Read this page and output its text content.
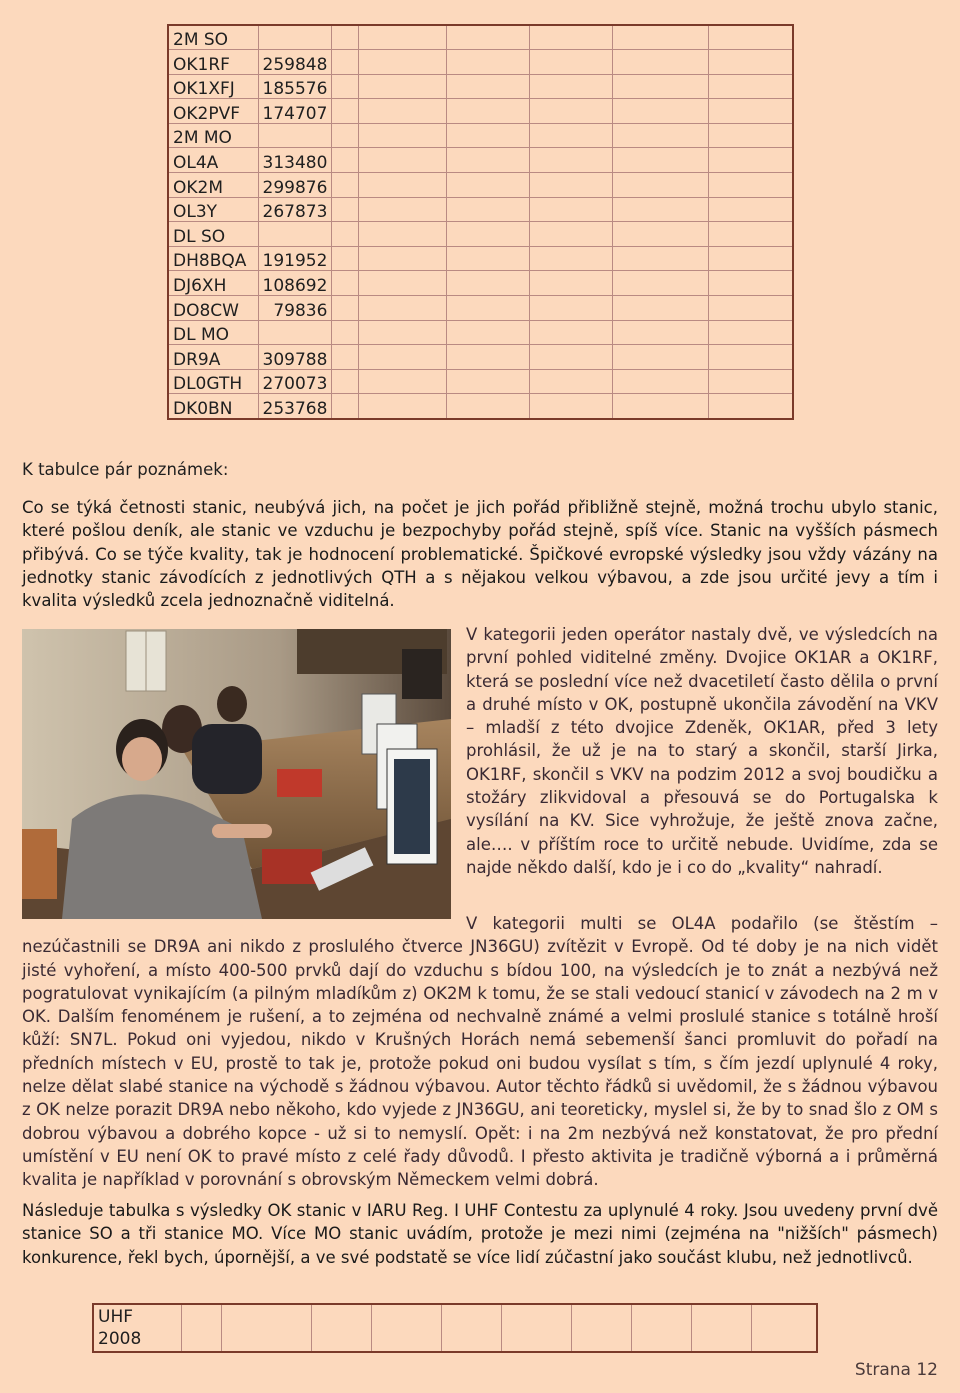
2M SO							
OK1RF	259848						
OK1XFJ	185576						
OK2PVF	174707						
2M MO							
OL4A	313480						
OK2M	299876						
OL3Y	267873						
DL SO							
DH8BQA	191952						
DJ6XH	108692						
DO8CW	79836						
DL MO							
DR9A	309788						
DL0GTH	270073						
DK0BN	253768						
K tabulce pár poznámek:

Co se týká četnosti stanic, neubývá jich, na počet je jich pořád přibližně stejně, možná trochu ubylo stanic, které pošlou deník, ale stanic ve vzduchu je bezpochyby pořád stejně, spíš více. Stanic na vyšších pásmech přibývá. Co se týče kvality, tak je hodnocení problematické. Špičkové evropské výsledky jsou vždy vázány na jednotky stanic závodících z jednotlivých QTH a s nějakou velkou výbavou, a zde jsou určité jevy a tím i kvalita výsledků zcela jednoznačně viditelná.

V kategorii jeden operátor nastaly dvě, ve výsledcích na první pohled viditelné změny. Dvojice OK1AR a OK1RF, která se poslední více než dvacetiletí často dělila o první a druhé místo v OK, postupně ukončila závodění na VKV – mladší z této dvojice Zdeněk, OK1AR, před 3 lety prohlásil, že už je na to starý a skončil, starší Jirka, OK1RF, skončil s VKV na podzim 2012 a svoj boudičku a stožáry zlikvidoval a přesouvá se do Portugalska k vysílání na KV. Sice vyhrožuje, že ještě znova začne, ale…. v příštím roce to určitě nebude. Uvidíme, zda se najde někdo další, kdo je i co do „kvality“ nahradí.

V kategorii multi se OL4A podařilo (se štěstím – nezúčastnili se DR9A ani nikdo z proslulého čtverce JN36GU) zvítězit v Evropě. Od té doby je na nich vidět jisté vyhoření, a místo 400-500 prvků dají do vzduchu s bídou 100, na výsledcích je to znát a nezbývá než pogratulovat vynikajícím (a pilným mladíkům z) OK2M k tomu, že se stali vedoucí stanicí v závodech na 2 m v OK. Dalším fenoménem je rušení, a to zejména od nechvalně známé a velmi proslulé stanice s totálně hroší kůží: SN7L. Pokud oni vyjedou, nikdo v Krušných Horách nemá sebemenší šanci promluvit do pořadí na předních místech v EU, prostě to tak je, protože pokud oni budou vysílat s tím, s čím jezdí uplynulé 4 roky, nelze dělat slabé stanice na východě s žádnou výbavou. Autor těchto řádků si uvědomil, že s žádnou výbavou z OK nelze porazit DR9A nebo někoho, kdo vyjede z JN36GU, ani teoreticky, myslel si, že by to snad šlo z OM s dobrou výbavou a dobrého kopce - už si to nemyslí. Opět: i na 2m nezbývá než konstatovat, že pro přední umístění v EU není OK to pravé místo z celé řady důvodů. I přesto aktivita je tradičně výborná a i průměrná kvalita je například v porovnání s obrovským Německem velmi dobrá.

Následuje tabulka s výsledky OK stanic v IARU Reg. I UHF Contestu za uplynulé 4 roky. Jsou uvedeny první dvě stanice SO a tři stanice MO. Více MO stanic uvádím, protože je mezi nimi (zejména na "nižších" pásmech) konkurence, řekl bych, úpornější, a ve své podstatě se více lidí zúčastní jako součást klubu, než jednotlivců.

UHF
2008										
Strana 12
